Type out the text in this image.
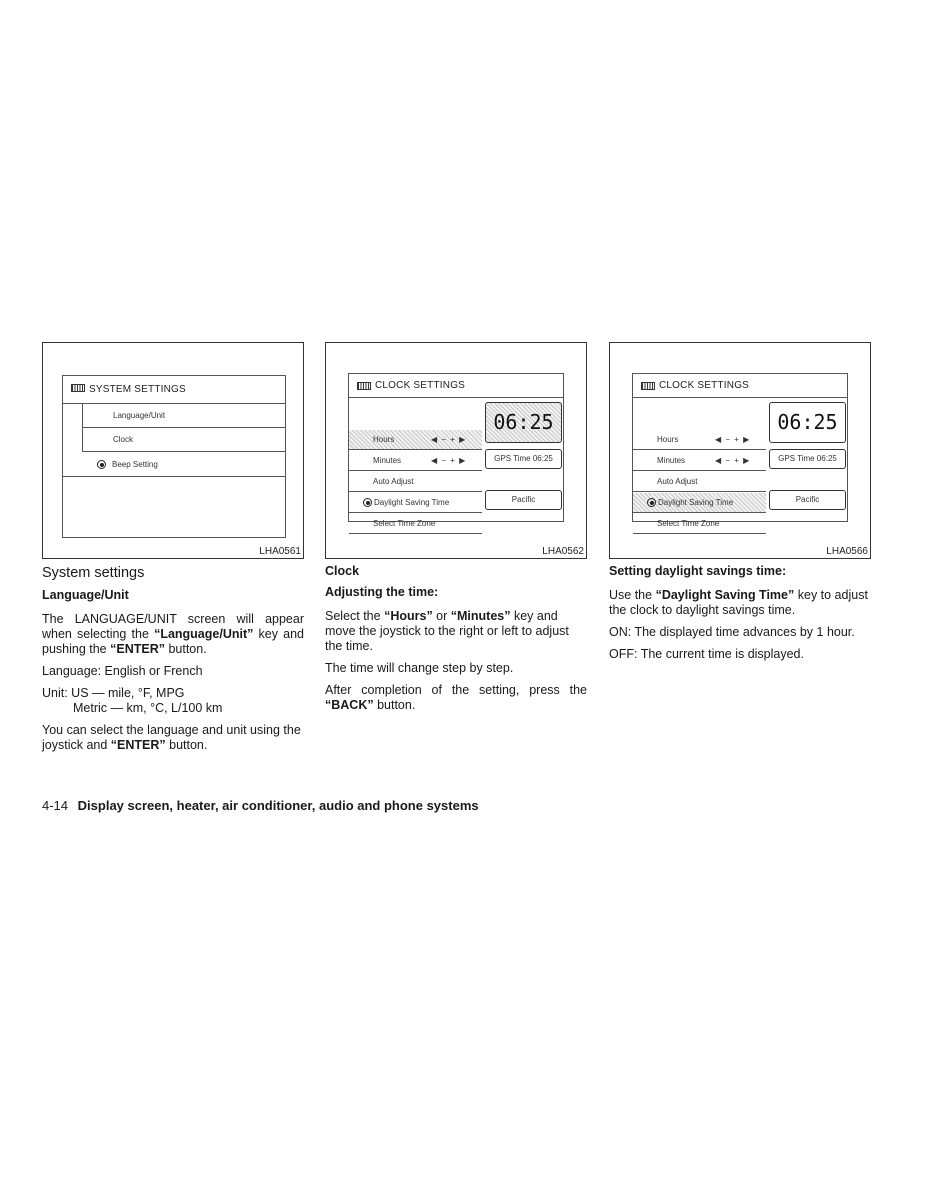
SYSTEM SETTINGS
Language/Unit
Clock
Beep Setting
LHA0561
System settings

Language/Unit

The LANGUAGE/UNIT screen will appear when selecting the “Language/Unit” key and pushing the “ENTER” button.

Language: English or French

Unit: US — mile, °F, MPG
Metric — km, °C, L/100 km

You can select the language and unit using the joystick and “ENTER” button.

CLOCK SETTINGS
Hours	◀ − + ▶
Minutes	◀ − + ▶
Auto Adjust
Daylight Saving Time
Select Time Zone
06:25
GPS Time 06:25
Pacific
LHA0562

Clock

Adjusting the time:

Select the “Hours” or “Minutes” key and move the joystick to the right or left to adjust the time.

The time will change step by step.

After completion of the setting, press the “BACK” button.

CLOCK SETTINGS
Hours	◀ − + ▶
Minutes	◀ − + ▶
Auto Adjust
Daylight Saving Time
Select Time Zone
06:25
GPS Time 06:25
Pacific
LHA0566

Setting daylight savings time:

Use the “Daylight Saving Time” key to adjust the clock to daylight savings time.

ON: The displayed time advances by 1 hour.

OFF: The current time is displayed.

4-14 Display screen, heater, air conditioner, audio and phone systems
